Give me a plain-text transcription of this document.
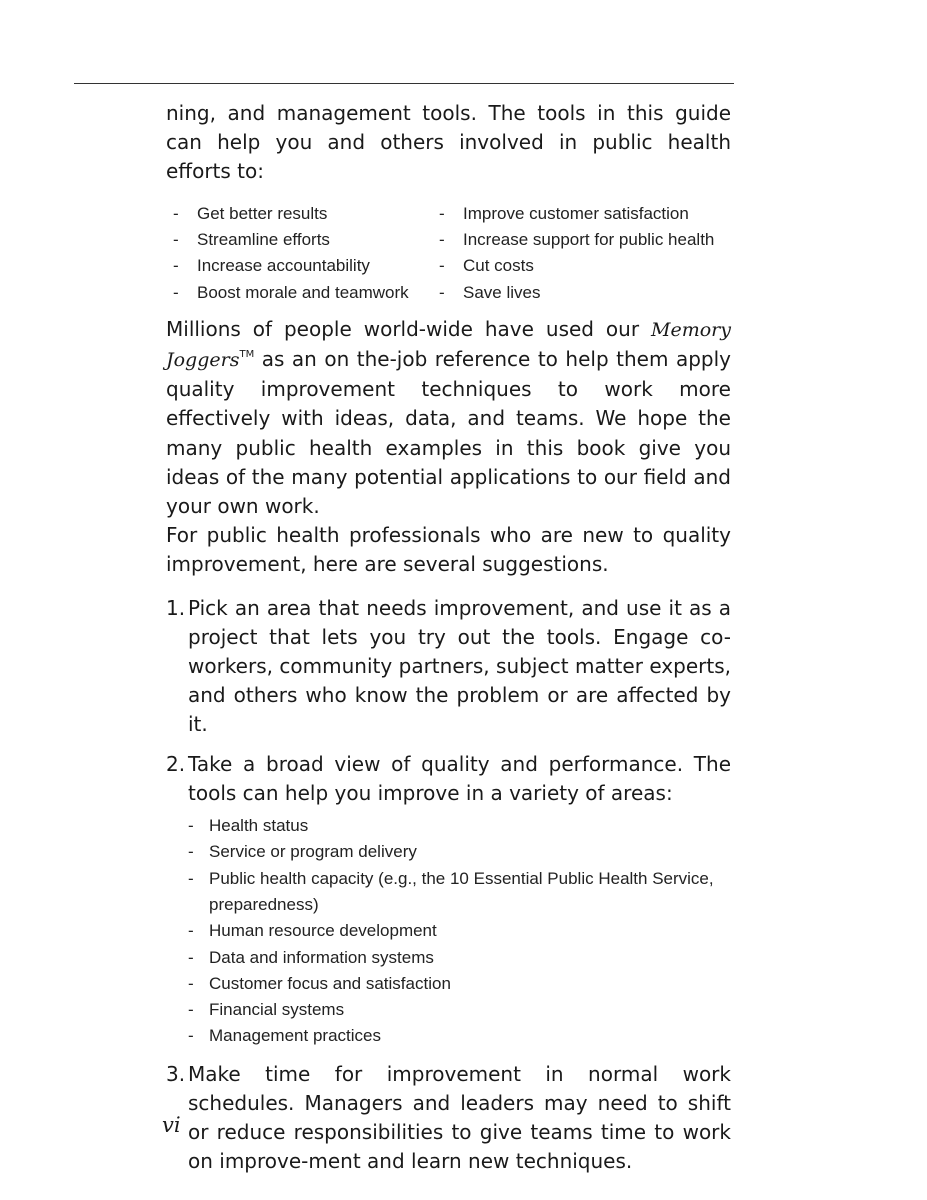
ning, and management tools. The tools in this guide can help you and others involved in public health efforts to:

-	Get better results	-	Improve customer satisfaction
-	Streamline efforts	-	Increase support for public health
-	Increase accountability	-	Cut costs
-	Boost morale and teamwork	-	Save lives

Millions of people world-wide have used our Memory Joggers™ as an on the-job reference to help them apply quality improvement techniques to work more effectively with ideas, data, and teams. We hope the many public health examples in this book give you ideas of the many potential applications to our field and your own work.

For public health professionals who are new to quality improvement, here are several suggestions.

1. Pick an area that needs improvement, and use it as a project that lets you try out the tools. Engage co-workers, community partners, subject matter experts, and others who know the problem or are affected by it.

2. Take a broad view of quality and performance. The tools can help you improve in a variety of areas:

- Health status
- Service or program delivery
- Public health capacity (e.g., the 10 Essential Public Health Service, preparedness)
- Human resource development
- Data and information systems
- Customer focus and satisfaction
- Financial systems
- Management practices
3. Make time for improvement in normal work schedules. Managers and leaders may need to shift or reduce responsibilities to give teams time to work on improve-ment and learn new techniques.

vi
